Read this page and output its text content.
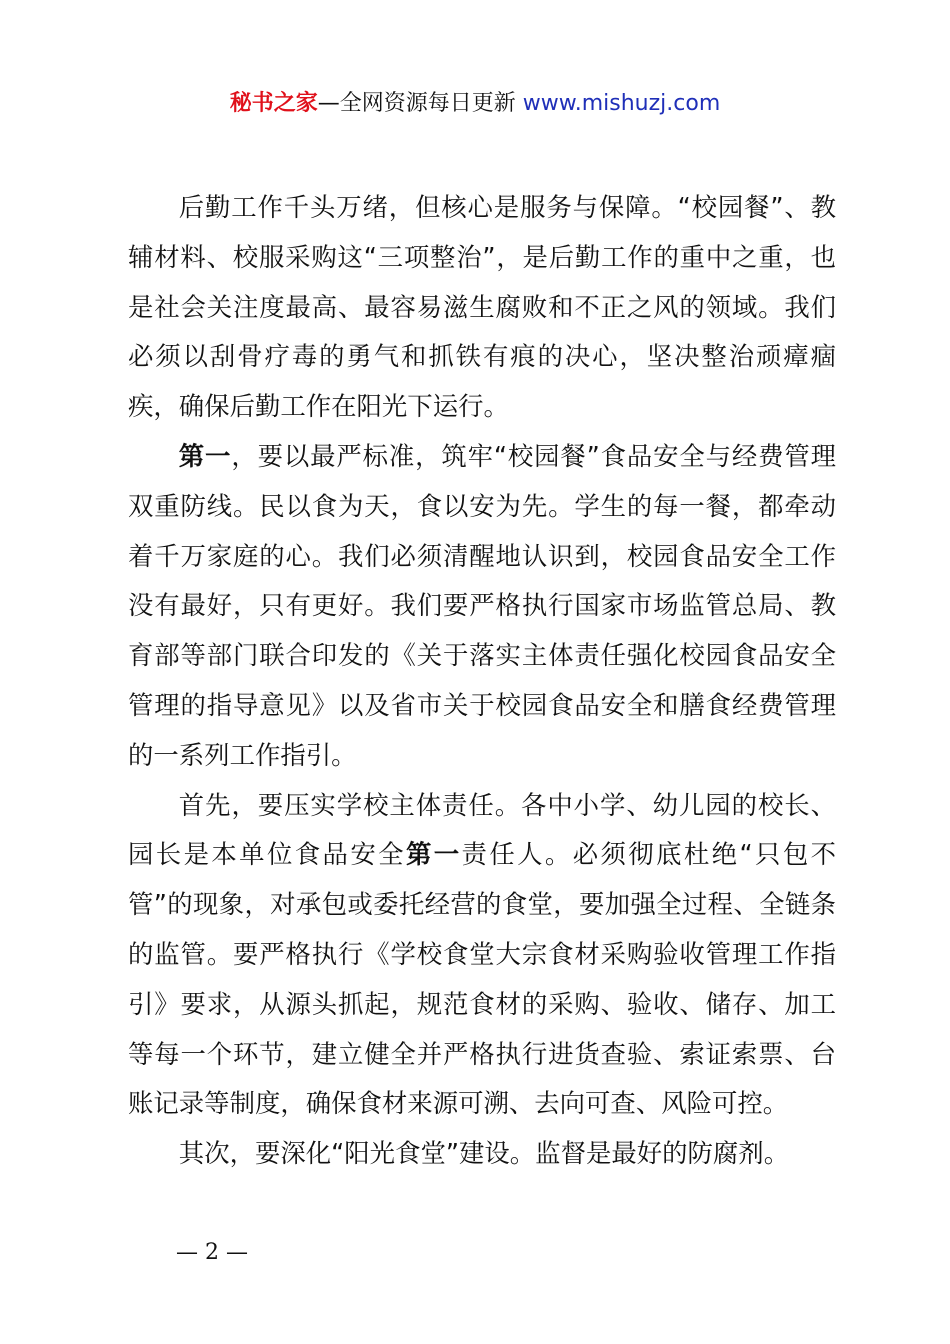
秘书之家—全网资源每日更新 www.mishuzj.com

后勤工作千头万绪，但核心是服务与保障。“校园餐”、教辅材料、校服采购这“三项整治”，是后勤工作的重中之重，也是社会关注度最高、最容易滋生腐败和不正之风的领域。我们必须以刮骨疗毒的勇气和抓铁有痕的决心，坚决整治顽瘴痼疾，确保后勤工作在阳光下运行。

第一，要以最严标准，筑牢“校园餐”食品安全与经费管理双重防线。民以食为天，食以安为先。学生的每一餐，都牵动着千万家庭的心。我们必须清醒地认识到，校园食品安全工作没有最好，只有更好。我们要严格执行国家市场监管总局、教育部等部门联合印发的《关于落实主体责任强化校园食品安全管理的指导意见》以及省市关于校园食品安全和膳食经费管理的一系列工作指引。

首先，要压实学校主体责任。各中小学、幼儿园的校长、园长是本单位食品安全第一责任人。必须彻底杜绝“只包不管”的现象，对承包或委托经营的食堂，要加强全过程、全链条的监管。要严格执行《学校食堂大宗食材采购验收管理工作指引》要求，从源头抓起，规范食材的采购、验收、储存、加工等每一个环节，建立健全并严格执行进货查验、索证索票、台账记录等制度，确保食材来源可溯、去向可查、风险可控。

其次，要深化“阳光食堂”建设。监督是最好的防腐剂。

— 2 —
